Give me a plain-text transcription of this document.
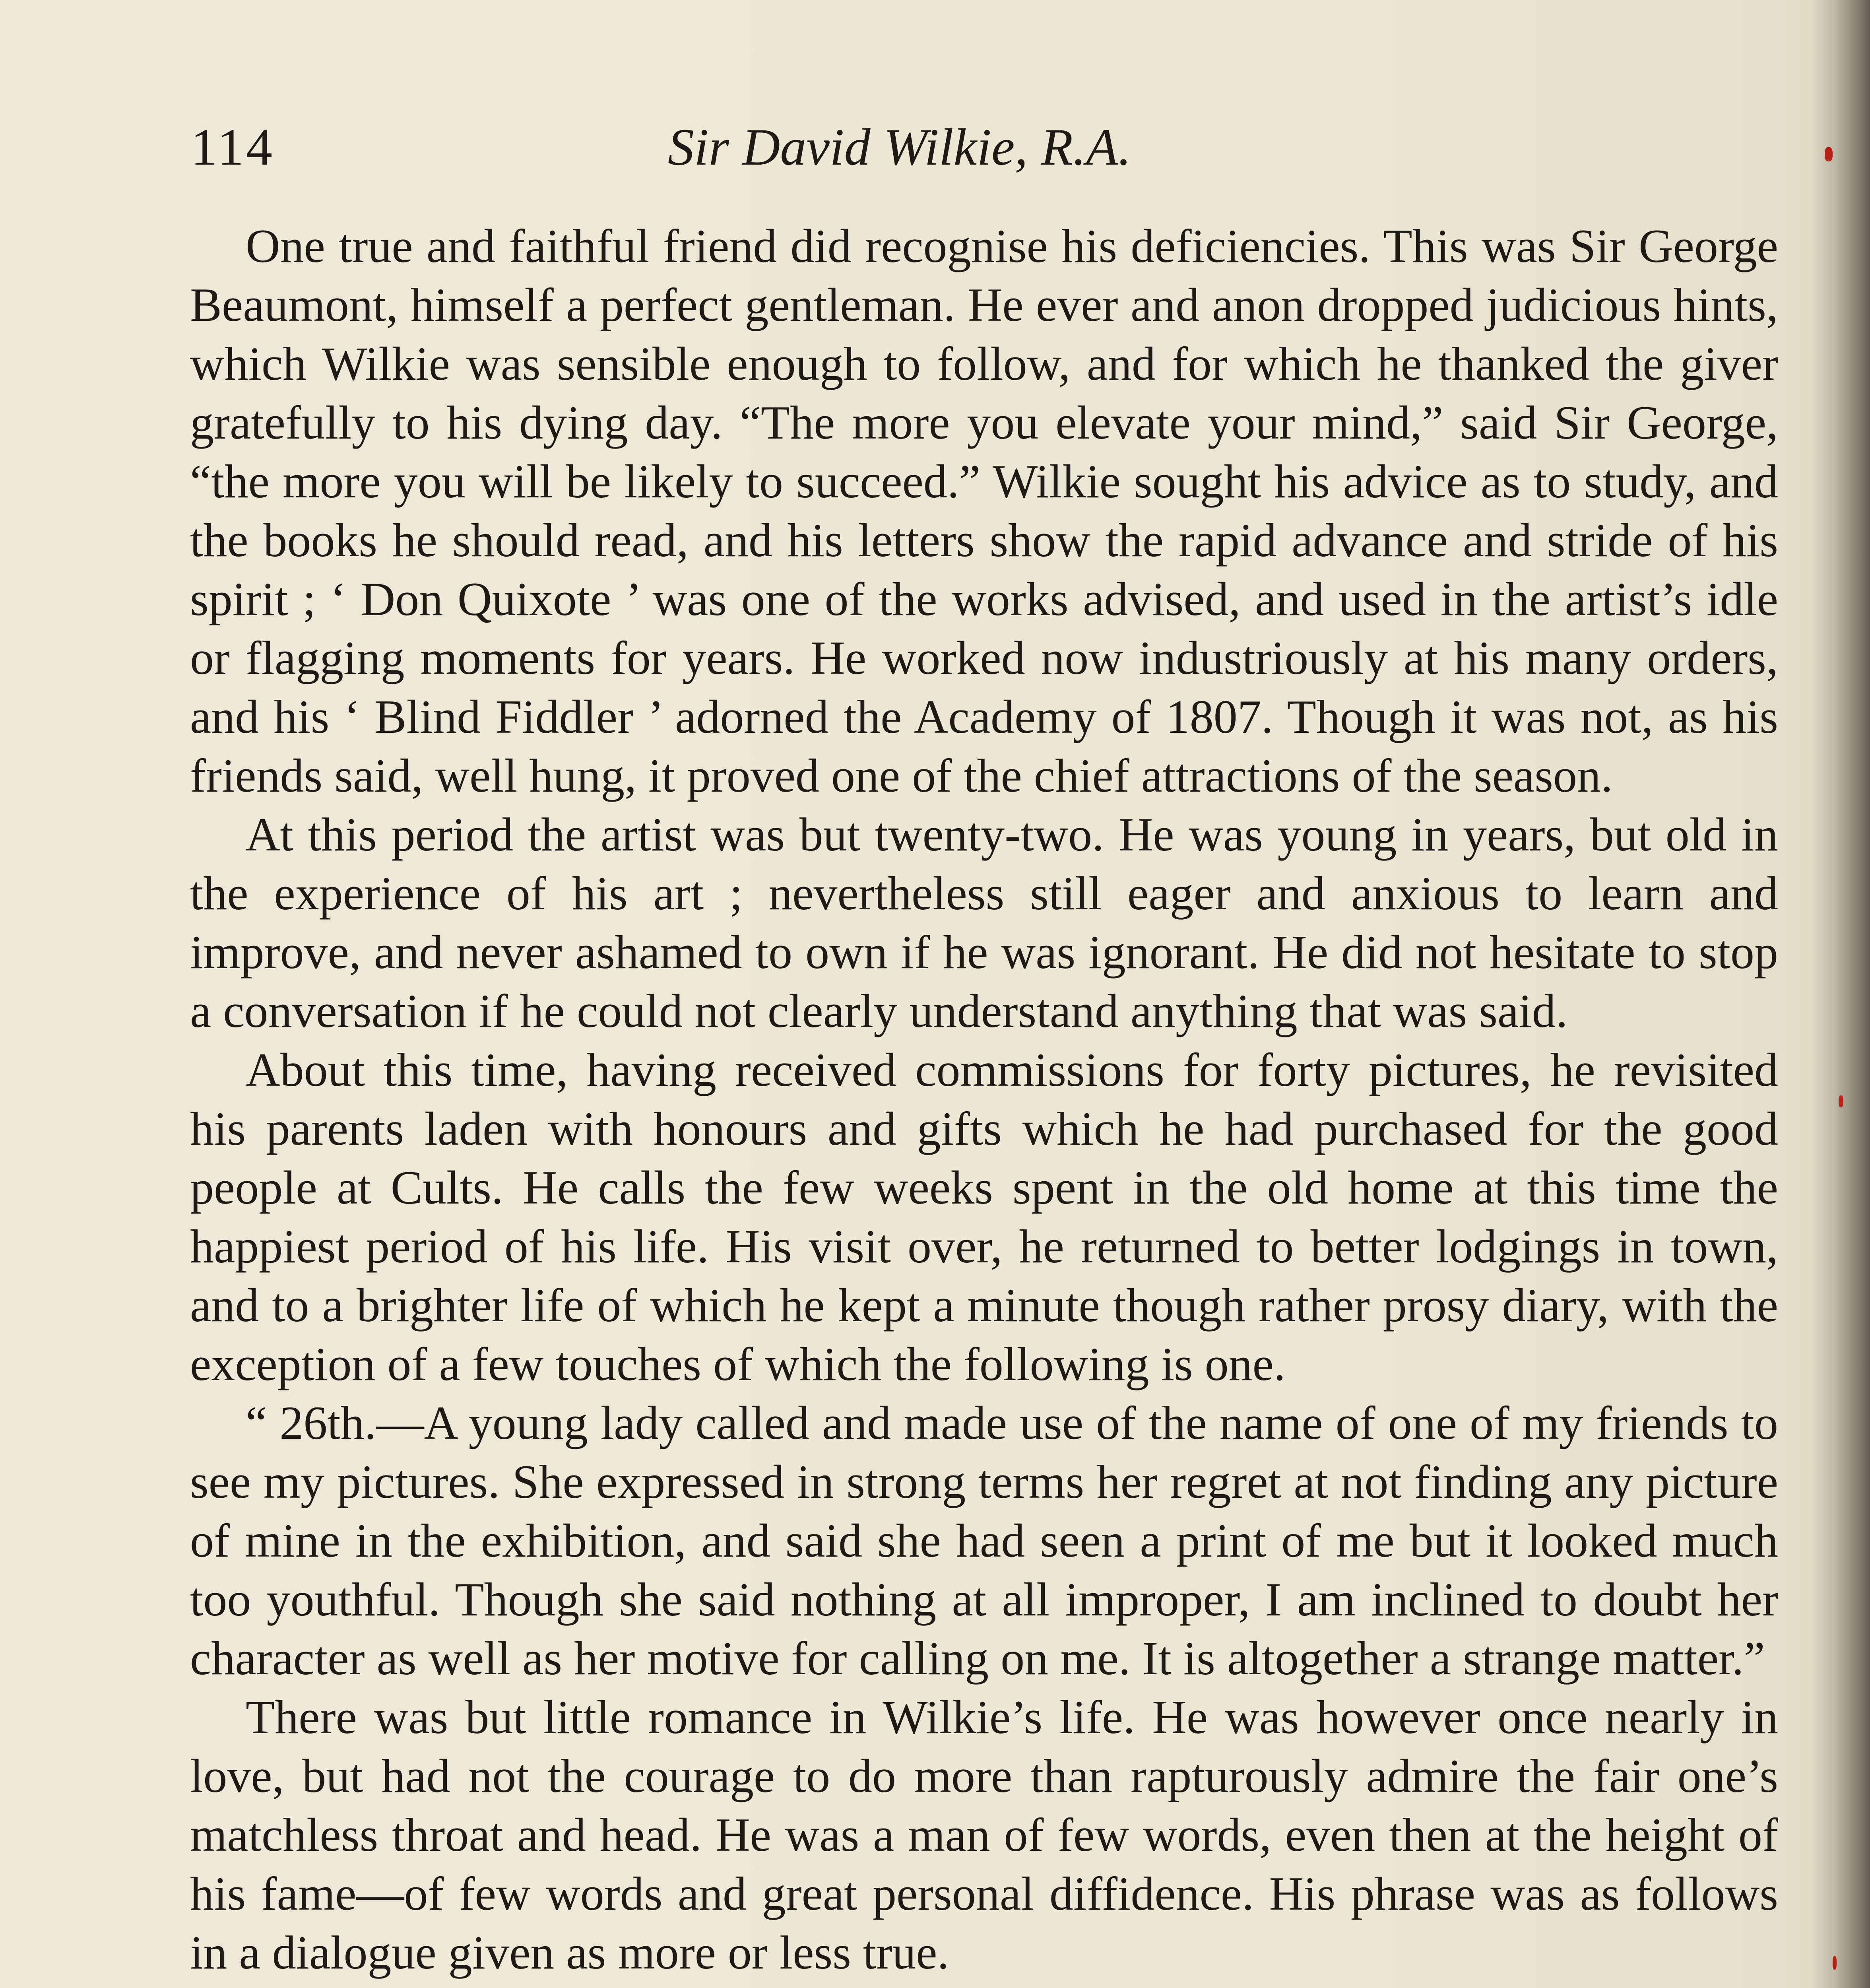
114	Sir David Wilkie, R.A.

One true and faithful friend did recognise his deficiencies. This was Sir George Beaumont, himself a perfect gentleman. He ever and anon dropped judicious hints, which Wilkie was sensible enough to follow, and for which he thanked the giver gratefully to his dying day. “The more you elevate your mind,” said Sir George, “the more you will be likely to succeed.” Wilkie sought his advice as to study, and the books he should read, and his letters show the rapid advance and stride of his spirit ; ‘ Don Quixote ’ was one of the works advised, and used in the artist’s idle or flagging moments for years. He worked now industriously at his many orders, and his ‘ Blind Fiddler ’ adorned the Academy of 1807. Though it was not, as his friends said, well hung, it proved one of the chief attractions of the season.

At this period the artist was but twenty-two. He was young in years, but old in the experience of his art ; nevertheless still eager and anxious to learn and improve, and never ashamed to own if he was ignorant. He did not hesitate to stop a conversation if he could not clearly understand anything that was said.

About this time, having received commissions for forty pictures, he revisited his parents laden with honours and gifts which he had purchased for the good people at Cults. He calls the few weeks spent in the old home at this time the happiest period of his life. His visit over, he returned to better lodgings in town, and to a brighter life of which he kept a minute though rather prosy diary, with the exception of a few touches of which the following is one.

“ 26th.—A young lady called and made use of the name of one of my friends to see my pictures. She expressed in strong terms her regret at not finding any picture of mine in the exhibition, and said she had seen a print of me but it looked much too youthful. Though she said nothing at all improper, I am inclined to doubt her character as well as her motive for calling on me. It is altogether a strange matter.”

There was but little romance in Wilkie’s life. He was however once nearly in love, but had not the courage to do more than rapturously admire the fair one’s matchless throat and head. He was a man of few words, even then at the height of his fame—of few words and great personal diffidence. His phrase was as follows in a dialogue given as more or less true.
